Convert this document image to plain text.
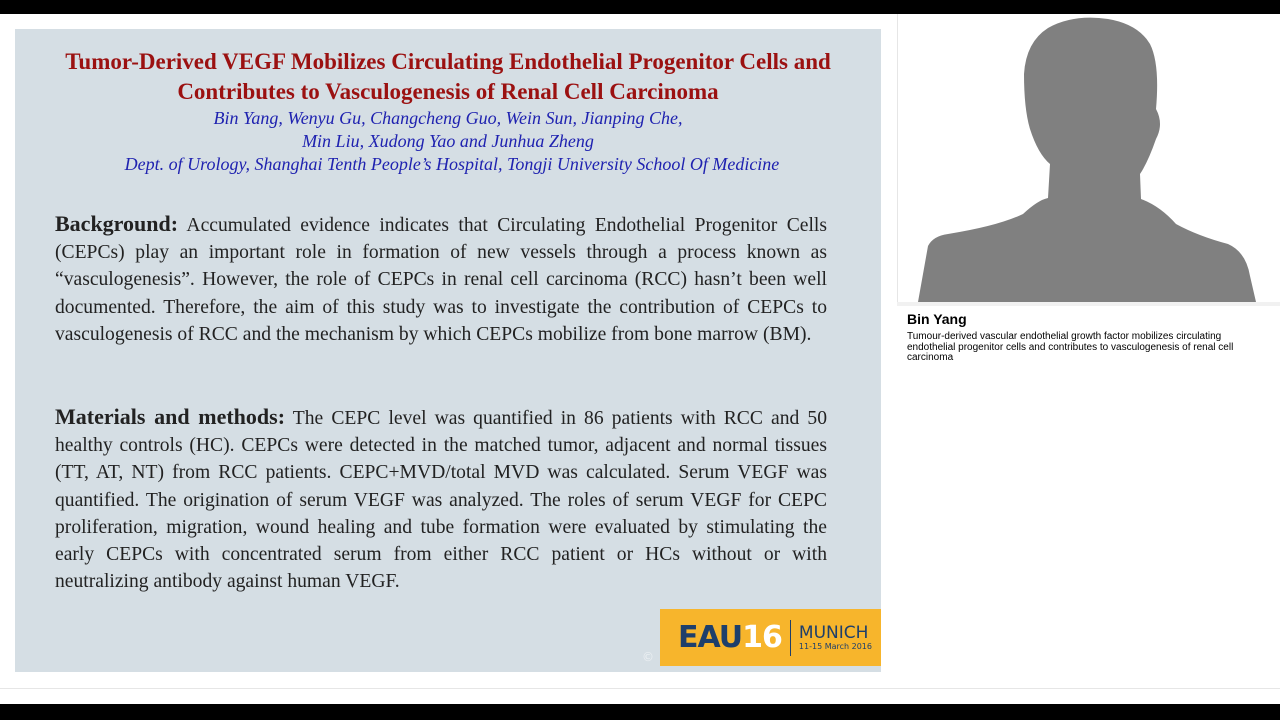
Tumor-Derived VEGF Mobilizes Circulating Endothelial Progenitor Cells and
Contributes to Vasculogenesis of Renal Cell Carcinoma
Bin Yang, Wenyu Gu, Changcheng Guo, Wein Sun, Jianping Che,
Min Liu, Xudong Yao and Junhua Zheng
Dept. of Urology, Shanghai Tenth People’s Hospital, Tongji University School Of Medicine
Background: Accumulated evidence indicates that Circulating Endothelial Progenitor Cells (CEPCs) play an important role in formation of new vessels through a process known as “vasculogenesis”. However, the role of CEPCs in renal cell carcinoma (RCC) hasn’t been well documented. Therefore, the aim of this study was to investigate the contribution of CEPCs to vasculogenesis of RCC and the mechanism by which CEPCs mobilize from bone marrow (BM).
Materials and methods: The CEPC level was quantified in 86 patients with RCC and 50 healthy controls (HC). CEPCs were detected in the matched tumor, adjacent and normal tissues (TT, AT, NT) from RCC patients. CEPC+MVD/total MVD was calculated. Serum VEGF was quantified. The origination of serum VEGF was analyzed. The roles of serum VEGF for CEPC proliferation, migration, wound healing and tube formation were evaluated by stimulating the early CEPCs with concentrated serum from either RCC patient or HCs without or with neutralizing antibody against human VEGF.
©
EAU16 MUNICH
11-15 March 2016
Bin Yang
Tumour-derived vascular endothelial growth factor mobilizes circulating endothelial progenitor cells and contributes to vasculogenesis of renal cell carcinoma
